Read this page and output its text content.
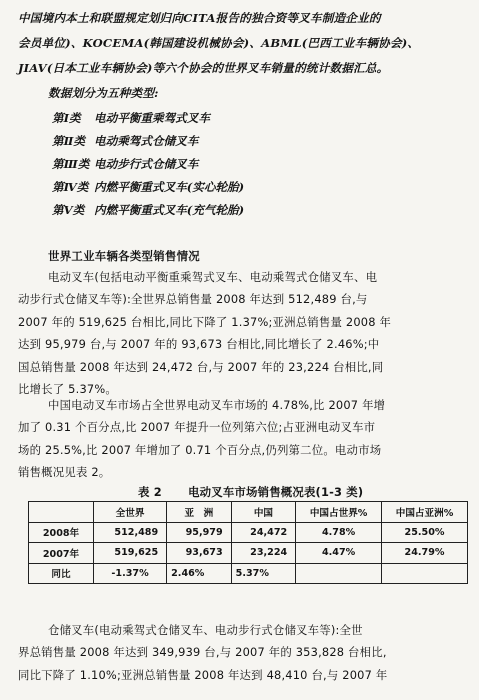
中国境内本土和联盟规定划归向CITA报告的独合资等叉车制造企业的
会员单位)、KOCEMA(韩国建设机械协会)、ABML(巴西工业车辆协会)、
JIAV(日本工业车辆协会)等六个协会的世界叉车销量的统计数据汇总。
数据划分为五种类型:
第Ⅰ类	电动平衡重乘驾式叉车
第Ⅱ类 电动乘驾式仓储叉车
第Ⅲ类 电动步行式仓储叉车
第Ⅳ类 内燃平衡重式叉车(实心轮胎)
第Ⅴ类 内燃平衡重式叉车(充气轮胎)
世界工业车辆各类型销售情况
电动叉车(包括电动平衡重乘驾式叉车、电动乘驾式仓储叉车、电
动步行式仓储叉车等):全世界总销售量 2008 年达到 512,489 台,与
2007 年的 519,625 台相比,同比下降了 1.37%;亚洲总销售量 2008 年
达到 95,979 台,与 2007 年的 93,673 台相比,同比增长了 2.46%;中
国总销售量 2008 年达到 24,472 台,与 2007 年的 23,224 台相比,同
比增长了 5.37%。
中国电动叉车市场占全世界电动叉车市场的 4.78%,比 2007 年增
加了 0.31 个百分点,比 2007 年提升一位列第六位;占亚洲电动叉车市
场的 25.5%,比 2007 年增加了 0.71 个百分点,仍列第二位。电动市场
销售概况见表 2。
表 2 电动叉车市场销售概况表(1-3 类)
	全世界	亚　洲	中国	中国占世界%	中国占亚洲%
2008年	512,489	95,979	24,472	4.78%	25.50%
2007年	519,625	93,673	23,224	4.47%	24.79%
同比	-1.37%	2.46%	5.37%		
仓储叉车(电动乘驾式仓储叉车、电动步行式仓储叉车等):全世
界总销售量 2008 年达到 349,939 台,与 2007 年的 353,828 台相比,
同比下降了 1.10%;亚洲总销售量 2008 年达到 48,410 台,与 2007 年
